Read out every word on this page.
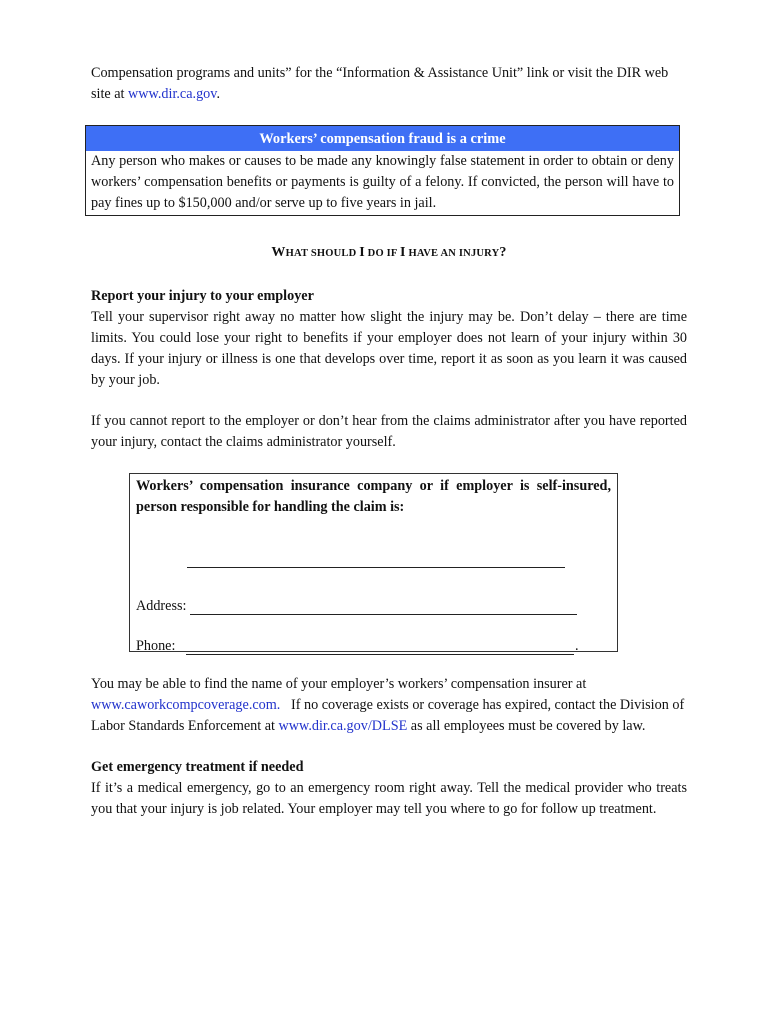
Compensation programs and units” for the “Information & Assistance Unit” link or visit the DIR web site at www.dir.ca.gov.

Workers’ compensation fraud is a crime
Any person who makes or causes to be made any knowingly false statement in order to obtain or deny workers’ compensation benefits or payments is guilty of a felony. If convicted, the person will have to pay fines up to $150,000 and/or serve up to five years in jail.
WHAT SHOULD I DO IF I HAVE AN INJURY?

Report your injury to your employer

Tell your supervisor right away no matter how slight the injury may be. Don’t delay – there are time limits. You could lose your right to benefits if your employer does not learn of your injury within 30 days. If your injury or illness is one that develops over time, report it as soon as you learn it was caused by your job.

If you cannot report to the employer or don’t hear from the claims administrator after you have reported your injury, contact the claims administrator yourself.

Workers’ compensation insurance company or if employer is self-insured, person responsible for handling the claim is:

Address:
Phone:	.

You may be able to find the name of your employer’s workers’ compensation insurer at www.caworkcompcoverage.com.   If no coverage exists or coverage has expired, contact the Division of Labor Standards Enforcement at www.dir.ca.gov/DLSE as all employees must be covered by law.

Get emergency treatment if needed

If it’s a medical emergency, go to an emergency room right away. Tell the medical provider who treats you that your injury is job related. Your employer may tell you where to go for follow up treatment.
